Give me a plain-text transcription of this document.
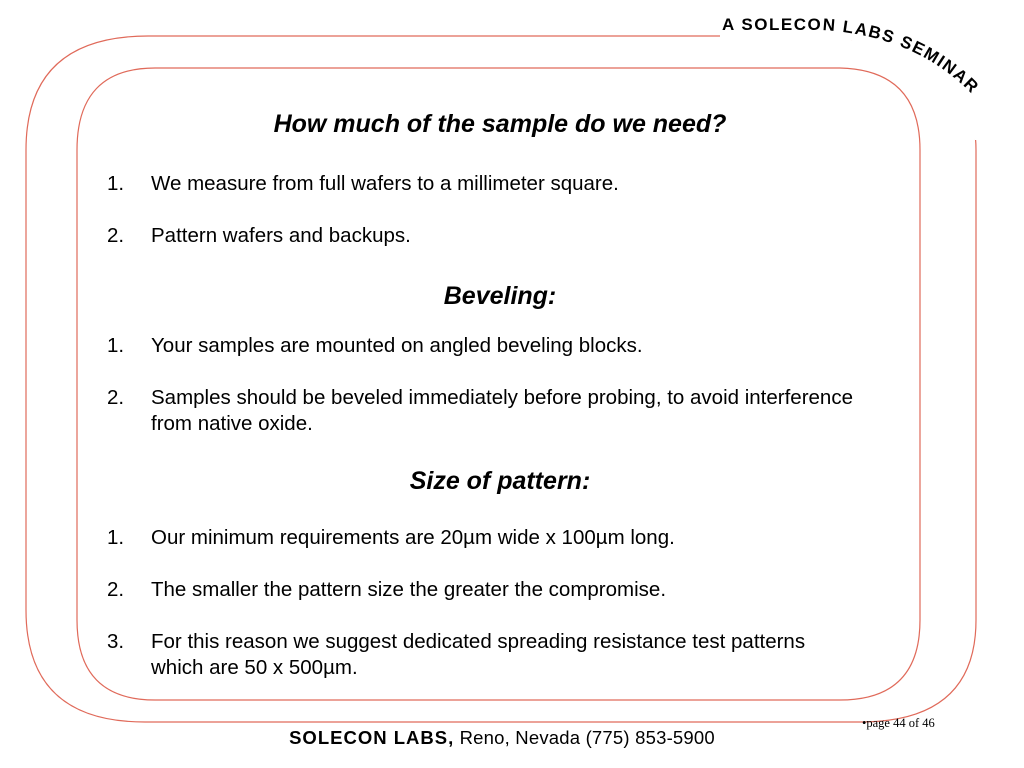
A SOLECON LABS SEMINAR
How much of the sample do we need?
1. We measure from full wafers to a millimeter square.
2. Pattern wafers and backups.
Beveling:
1. Your samples are mounted on angled beveling blocks.
2. Samples should be beveled immediately before probing, to avoid interference from native oxide.
Size of pattern:
1. Our minimum requirements are 20µm wide x 100µm long.
2. The smaller the pattern size the greater the compromise.
3. For this reason we suggest dedicated spreading resistance test patterns which are 50 x 500µm.
SOLECON LABS, Reno, Nevada (775) 853-5900
•page 44 of 46
